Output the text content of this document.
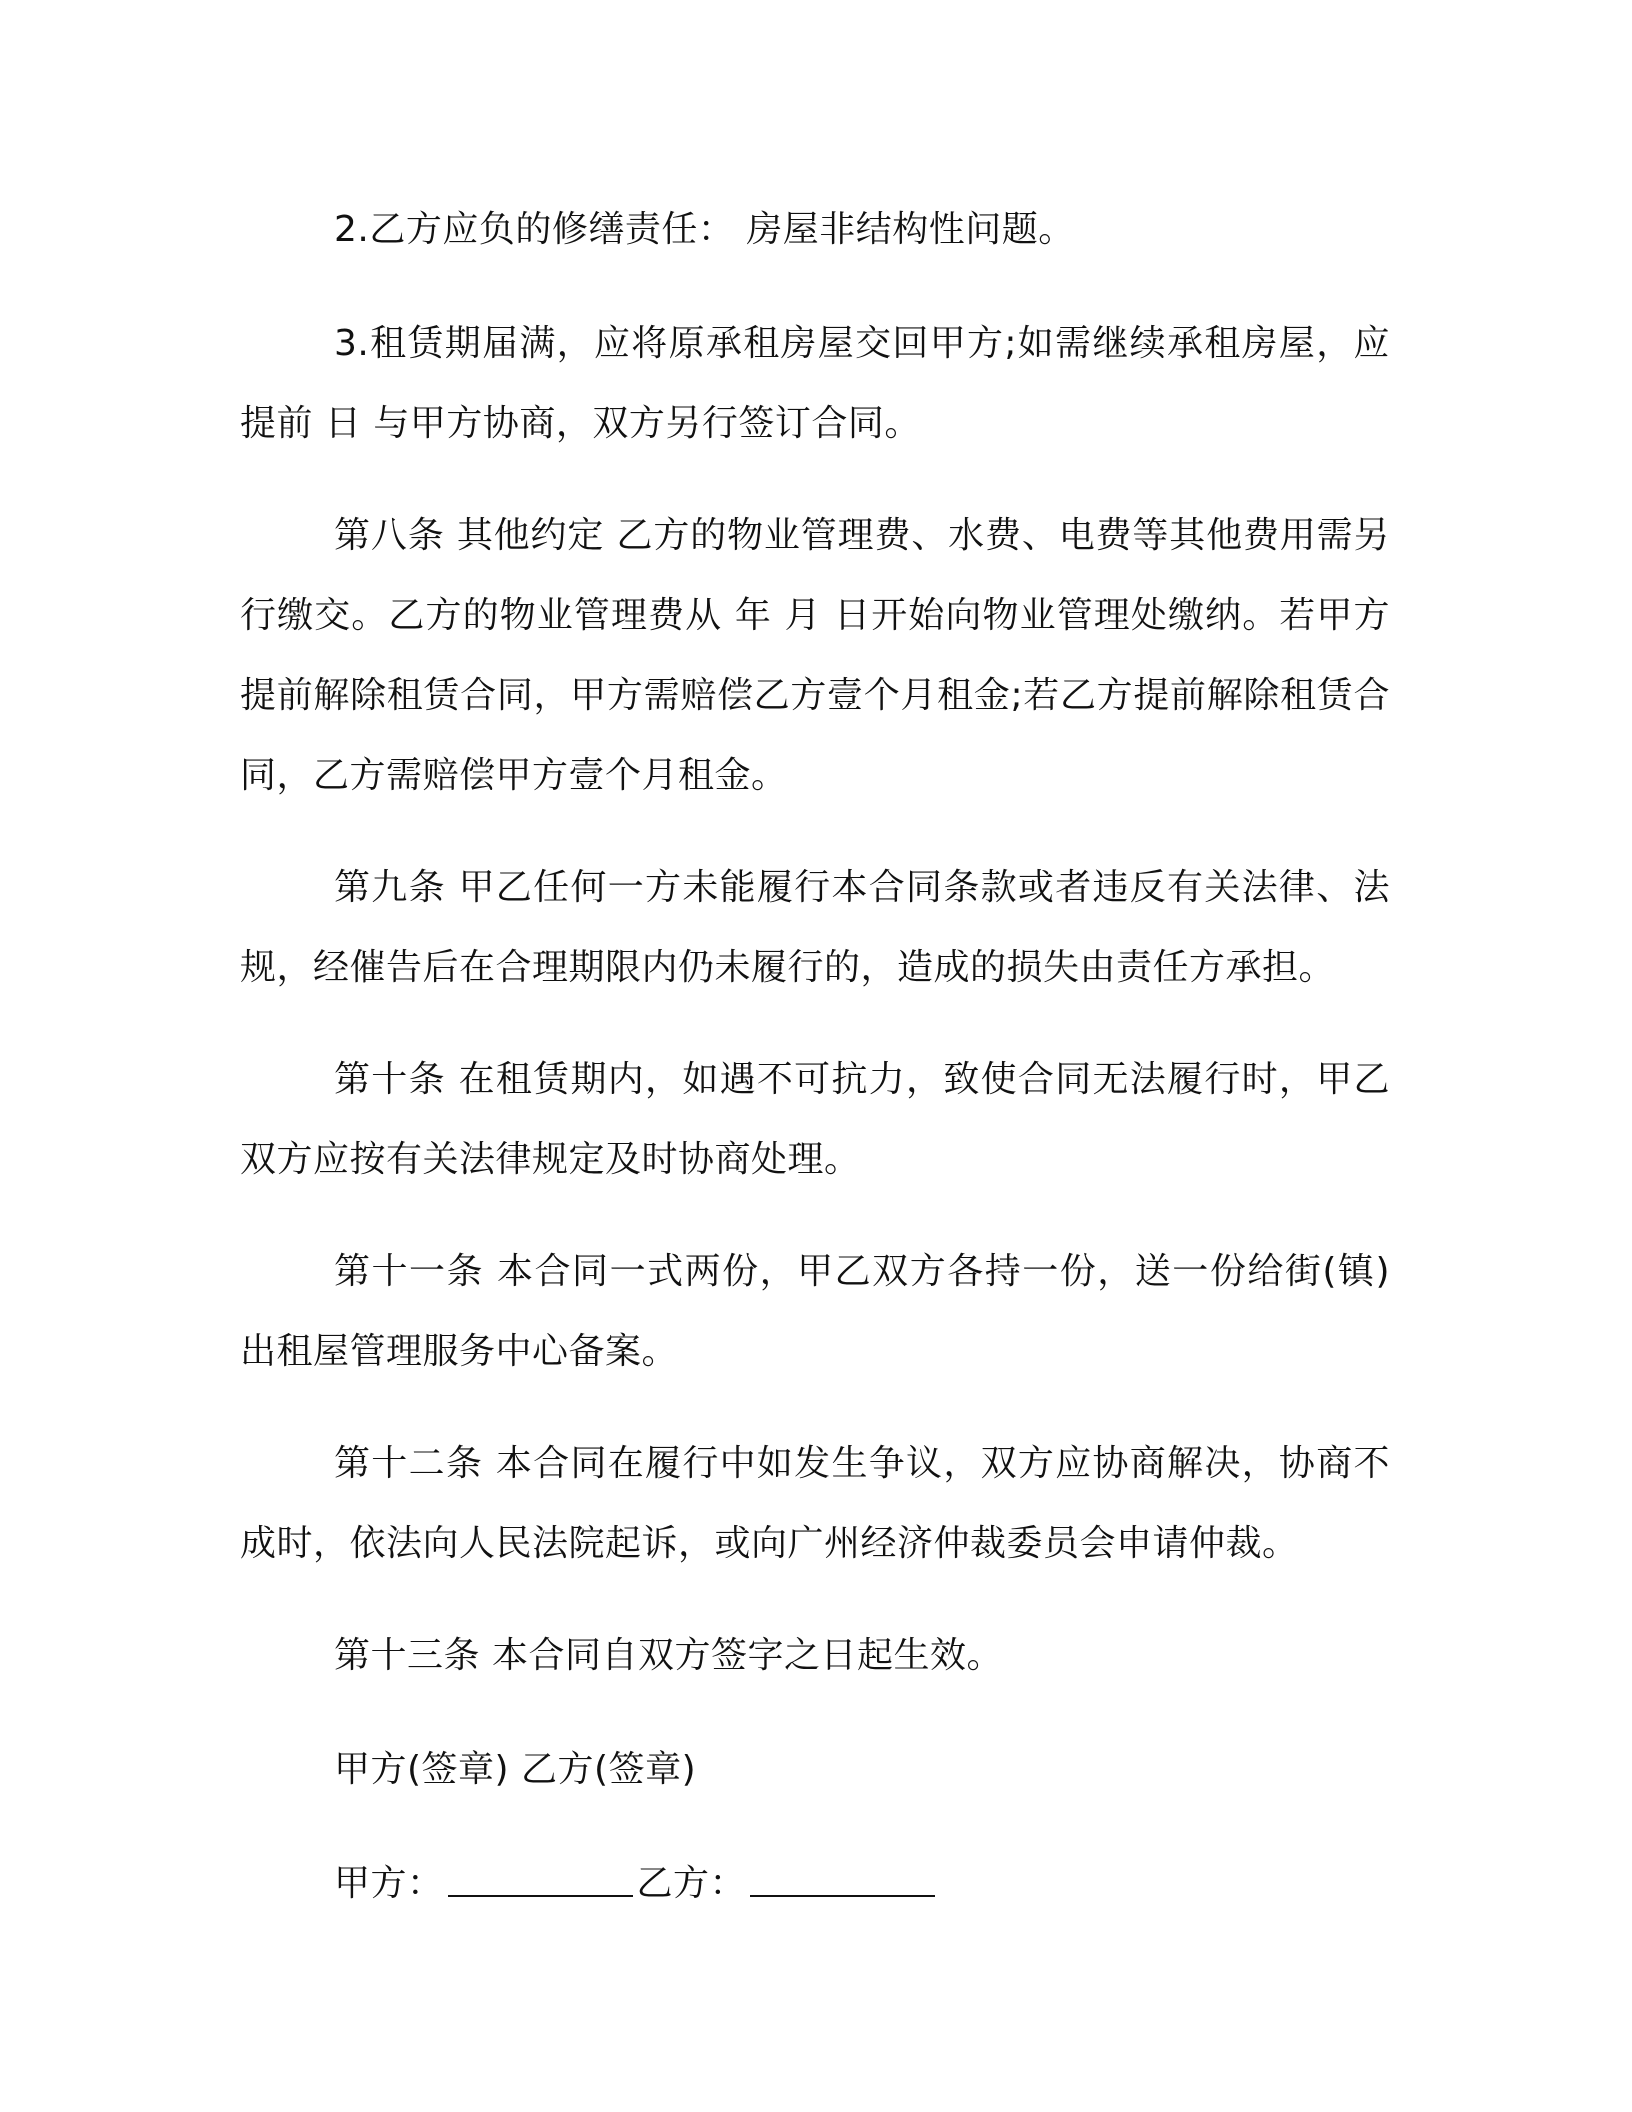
2.乙方应负的修缮责任： 房屋非结构性问题。

3.租赁期届满，应将原承租房屋交回甲方;如需继续承租房屋，应提前 日 与甲方协商，双方另行签订合同。

第八条 其他约定 乙方的物业管理费、水费、电费等其他费用需另行缴交。乙方的物业管理费从 年 月 日开始向物业管理处缴纳。若甲方提前解除租赁合同，甲方需赔偿乙方壹个月租金;若乙方提前解除租赁合同，乙方需赔偿甲方壹个月租金。

第九条 甲乙任何一方未能履行本合同条款或者违反有关法律、法规，经催告后在合理期限内仍未履行的，造成的损失由责任方承担。

第十条 在租赁期内，如遇不可抗力，致使合同无法履行时，甲乙双方应按有关法律规定及时协商处理。

第十一条 本合同一式两份，甲乙双方各持一份，送一份给街(镇)出租屋管理服务中心备案。

第十二条 本合同在履行中如发生争议，双方应协商解决，协商不成时，依法向人民法院起诉，或向广州经济仲裁委员会申请仲裁。

第十三条 本合同自双方签字之日起生效。

甲方(签章) 乙方(签章)

甲方：	乙方：
